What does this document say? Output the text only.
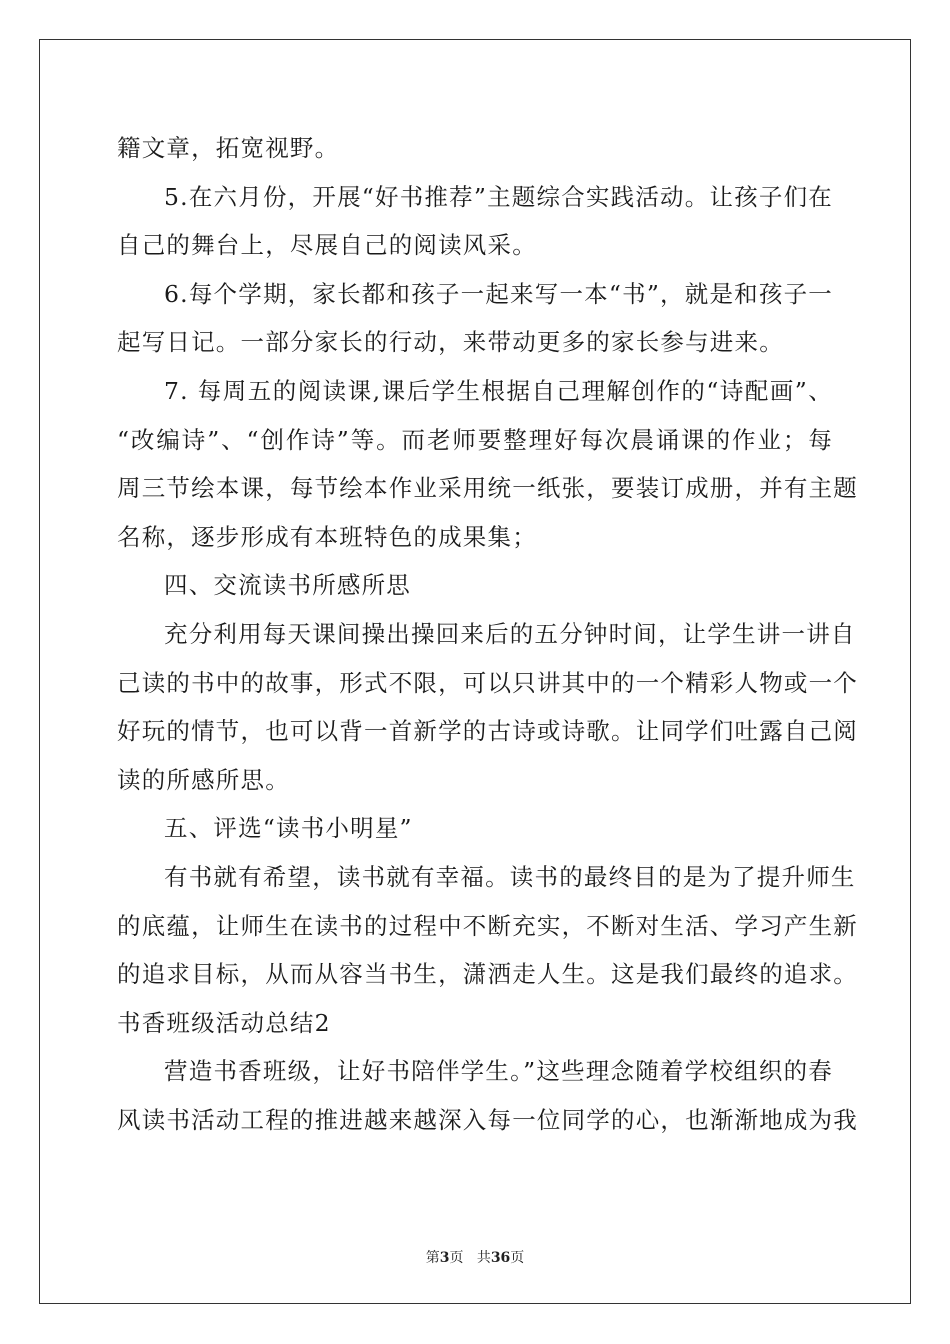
籍文章，拓宽视野。
5.在六月份，开展“好书推荐”主题综合实践活动。让孩子们在
自己的舞台上，尽展自己的阅读风采。
6.每个学期，家长都和孩子一起来写一本“书”，就是和孩子一
起写日记。一部分家长的行动，来带动更多的家长参与进来。
7. 每周五的阅读课,课后学生根据自己理解创作的“诗配画”、
“改编诗”、“创作诗”等。而老师要整理好每次晨诵课的作业；每
周三节绘本课，每节绘本作业采用统一纸张，要装订成册，并有主题
名称，逐步形成有本班特色的成果集；
四、交流读书所感所思
充分利用每天课间操出操回来后的五分钟时间，让学生讲一讲自
己读的书中的故事，形式不限，可以只讲其中的一个精彩人物或一个
好玩的情节，也可以背一首新学的古诗或诗歌。让同学们吐露自己阅
读的所感所思。
五、评选“读书小明星”
有书就有希望，读书就有幸福。读书的最终目的是为了提升师生
的底蕴，让师生在读书的过程中不断充实，不断对生活、学习产生新
的追求目标，从而从容当书生，潇洒走人生。这是我们最终的追求。
书香班级活动总结2
营造书香班级，让好书陪伴学生。”这些理念随着学校组织的春
风读书活动工程的推进越来越深入每一位同学的心，也渐渐地成为我
第3页 共36页
